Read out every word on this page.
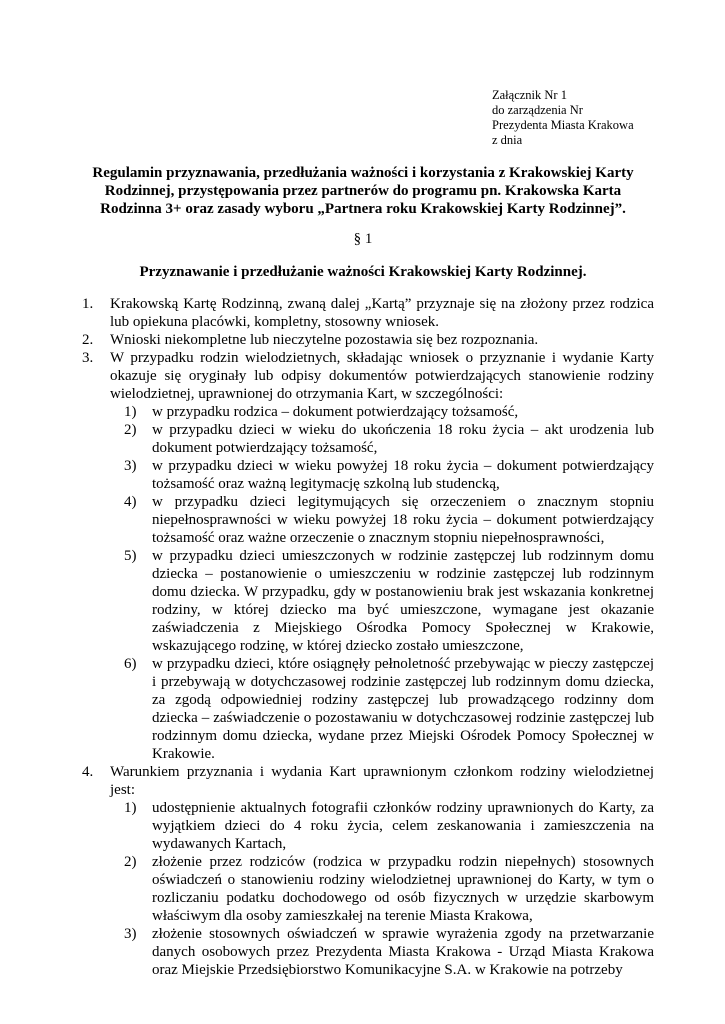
Załącznik Nr 1
do zarządzenia Nr
Prezydenta Miasta Krakowa
z dnia
Regulamin przyznawania, przedłużania ważności i korzystania z Krakowskiej Karty Rodzinnej, przystępowania przez partnerów do programu pn. Krakowska Karta Rodzinna 3+ oraz zasady wyboru „Partnera roku Krakowskiej Karty Rodzinnej”.
§ 1
Przyznawanie i przedłużanie ważności Krakowskiej Karty Rodzinnej.
1. Krakowską Kartę Rodzinną, zwaną dalej „Kartą” przyznaje się na złożony przez rodzica lub opiekuna placówki, kompletny, stosowny wniosek.
2. Wnioski niekompletne lub nieczytelne pozostawia się bez rozpoznania.
3. W przypadku rodzin wielodzietnych, składając wniosek o przyznanie i wydanie Karty okazuje się oryginały lub odpisy dokumentów potwierdzających stanowienie rodziny wielodzietnej, uprawnionej do otrzymania Kart, w szczególności:
1) w przypadku rodzica – dokument potwierdzający tożsamość,
2) w przypadku dzieci w wieku do ukończenia 18 roku życia – akt urodzenia lub dokument potwierdzający tożsamość,
3) w przypadku dzieci w wieku powyżej 18 roku życia – dokument potwierdzający tożsamość oraz ważną legitymację szkolną lub studencką,
4) w przypadku dzieci legitymujących się orzeczeniem o znacznym stopniu niepełnosprawności w wieku powyżej 18 roku życia – dokument potwierdzający tożsamość oraz ważne orzeczenie o znacznym stopniu niepełnosprawności,
5) w przypadku dzieci umieszczonych w rodzinie zastępczej lub rodzinnym domu dziecka – postanowienie o umieszczeniu w rodzinie zastępczej lub rodzinnym domu dziecka. W przypadku, gdy w postanowieniu brak jest wskazania konkretnej rodziny, w której dziecko ma być umieszczone, wymagane jest okazanie zaświadczenia z Miejskiego Ośrodka Pomocy Społecznej w Krakowie, wskazującego rodzinę, w której dziecko zostało umieszczone,
6) w przypadku dzieci, które osiągnęły pełnoletność przebywając w pieczy zastępczej i przebywają w dotychczasowej rodzinie zastępczej lub rodzinnym domu dziecka, za zgodą odpowiedniej rodziny zastępczej lub prowadzącego rodzinny dom dziecka – zaświadczenie o pozostawaniu w dotychczasowej rodzinie zastępczej lub rodzinnym domu dziecka, wydane przez Miejski Ośrodek Pomocy Społecznej w Krakowie.
4. Warunkiem przyznania i wydania Kart uprawnionym członkom rodziny wielodzietnej jest:
1) udostępnienie aktualnych fotografii członków rodziny uprawnionych do Karty, za wyjątkiem dzieci do 4 roku życia, celem zeskanowania i zamieszczenia na wydawanych Kartach,
2) złożenie przez rodziców (rodzica w przypadku rodzin niepełnych) stosownych oświadczeń o stanowieniu rodziny wielodzietnej uprawnionej do Karty, w tym o rozliczaniu podatku dochodowego od osób fizycznych w urzędzie skarbowym właściwym dla osoby zamieszkałej na terenie Miasta Krakowa,
3) złożenie stosownych oświadczeń w sprawie wyrażenia zgody na przetwarzanie danych osobowych przez Prezydenta Miasta Krakowa - Urząd Miasta Krakowa oraz Miejskie Przedsiębiorstwo Komunikacyjne S.A. w Krakowie na potrzeby
